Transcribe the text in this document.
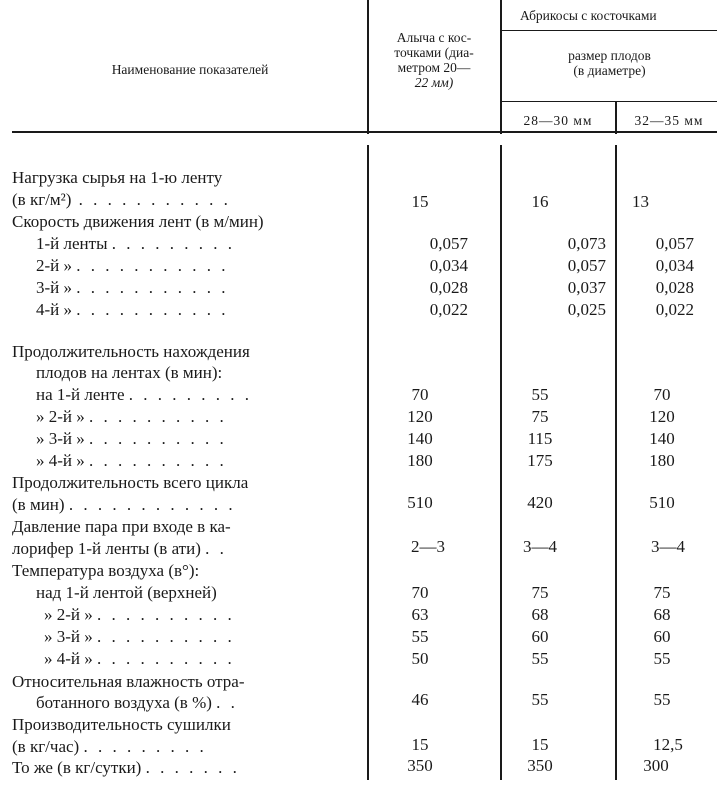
Наименование показателей
Алыча с кос-
точками (диа-
метром 20—
22 мм)
Абрикосы с косточками
размер плодов
(в диаметре)
28—30 мм	32—35 мм
Нагрузка сырья на 1-ю ленту
(в кг/м²) . . . . . . . . . . .	15	16	13
Скорость движения лент (в м/мин)
1-й ленты . . . . . . . . .	0,057	0,073	0,057
2-й » . . . . . . . . . . .	0,034	0,057	0,034
3-й » . . . . . . . . . . .	0,028	0,037	0,028
4-й » . . . . . . . . . . .	0,022	0,025	0,022
Продолжительность нахождения
плодов на лентах (в мин):
на 1-й ленте . . . . . . . . .	70	55	70
» 2-й » . . . . . . . . . .	120	75	120
» 3-й » . . . . . . . . . .	140	115	140
» 4-й » . . . . . . . . . .	180	175	180
Продолжительность всего цикла
(в мин) . . . . . . . . . . . .	510	420	510
Давление пара при входе в ка-
лорифер 1-й ленты (в ати) . .	2—3	3—4	3—4
Температура воздуха (в°):
над 1-й лентой (верхней)	70	75	75
» 2-й » . . . . . . . . . .	63	68	68
» 3-й » . . . . . . . . . .	55	60	60
» 4-й » . . . . . . . . . .	50	55	55
Относительная влажность отра-
ботанного воздуха (в %) . .	46	55	55
Производительность сушилки
(в кг/час) . . . . . . . . .	15	15	12,5
То же (в кг/сутки) . . . . . . .	350	350	300
